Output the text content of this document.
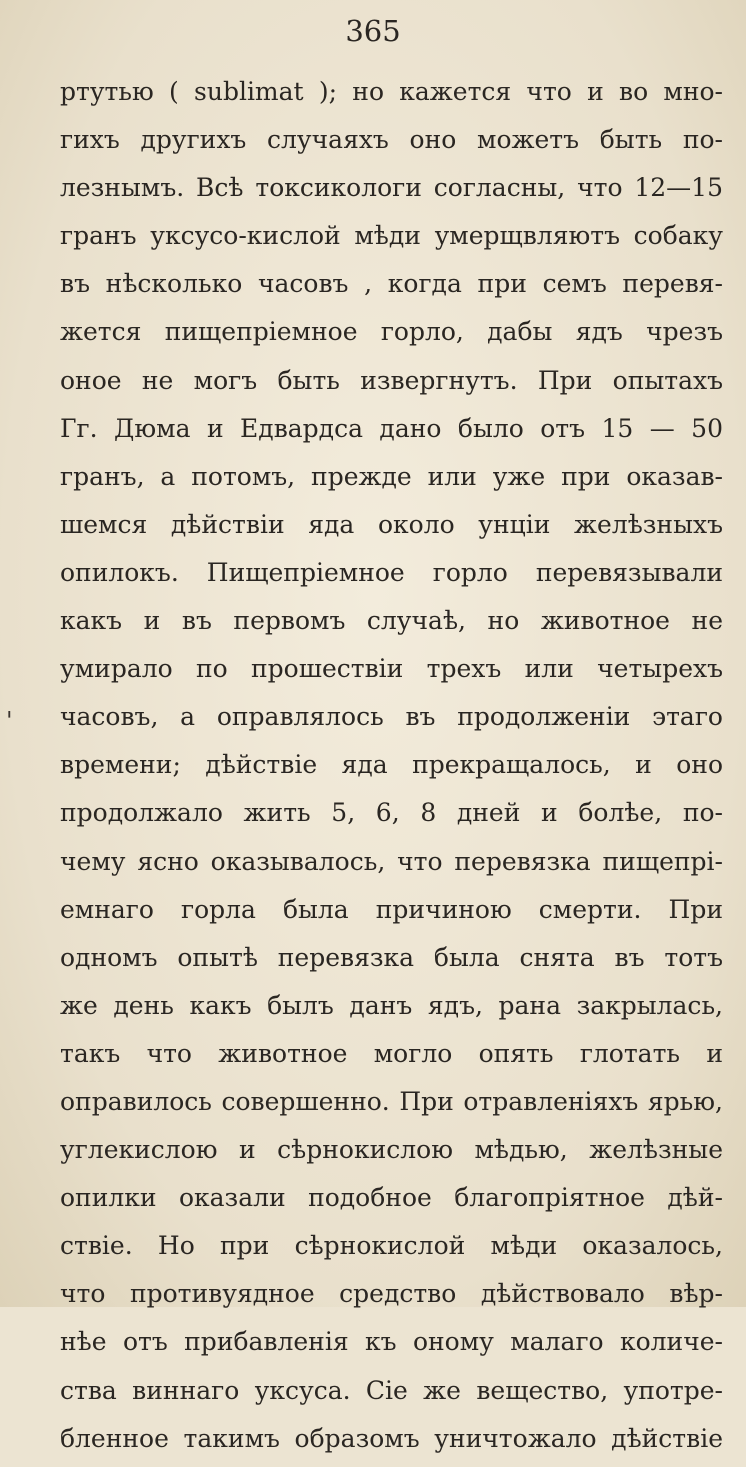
365
'
ртутью ( sublimat ); но кажется что и во мно-
гихъ другихъ случаяхъ оно можетъ быть по-
лезнымъ. Всѣ токсикологи согласны, что 12—15
гранъ уксусо-кислой мѣди умерщвляютъ собаку
въ нѣсколько часовъ , когда при семъ перевя-
жется пищепріемное горло, дабы ядъ чрезъ
оное не могъ быть извергнутъ. При опытахъ
Гг. Дюма и Едвардса дано было отъ 15 — 50
гранъ, а потомъ, прежде или уже при оказав-
шемся дѣйствіи яда около унціи желѣзныхъ
опилокъ. Пищепріемное горло перевязывали
какъ и въ первомъ случаѣ, но животное не
умирало по прошествіи трехъ или четырехъ
часовъ, а оправлялось въ продолженіи этаго
времени; дѣйствіе яда прекращалось, и оно
продолжало жить 5, 6, 8 дней и болѣе, по-
чему ясно оказывалось, что перевязка пищепрі-
емнаго горла была причиною смерти. При
одномъ опытѣ перевязка была снята въ тотъ
же день какъ былъ данъ ядъ, рана закрылась,
такъ что животное могло опять глотать и
оправилось совершенно. При отравленіяхъ ярью,
углекислою и сѣрнокислою мѣдью, желѣзные
опилки оказали подобное благопріятное дѣй-
ствіе. Но при сѣрнокислой мѣди оказалось,
что противуядное средство дѣйствовало вѣр-
нѣе отъ прибавленія къ оному малаго количе-
ства виннаго уксуса. Сіе же вещество, употре-
бленное такимъ образомъ уничтожало дѣйствіе
